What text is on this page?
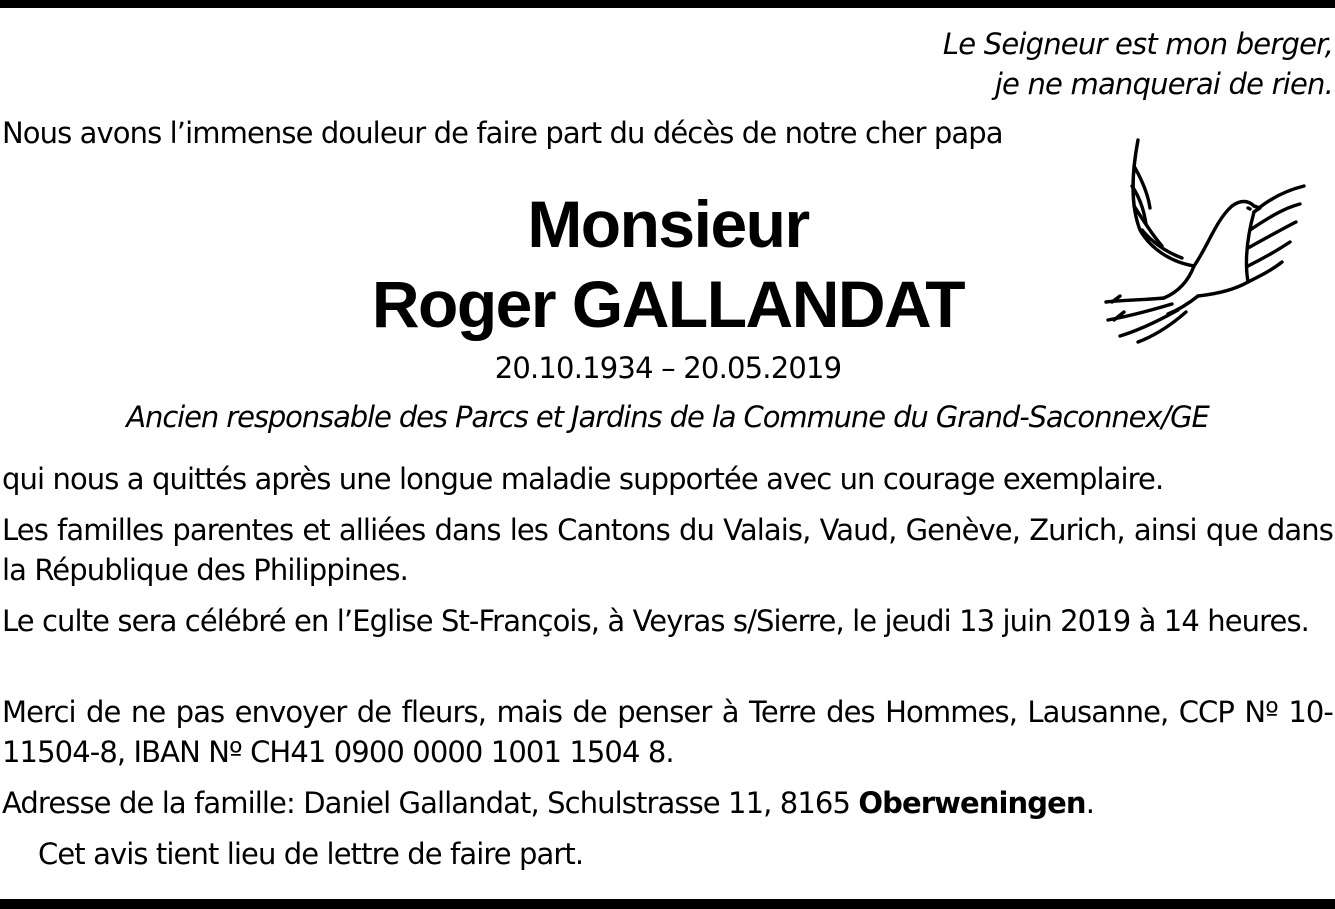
Le Seigneur est mon berger,
je ne manquerai de rien.
Nous avons l’immense douleur de faire part du décès de notre cher papa
Monsieur
Roger GALLANDAT
20.10.1934 – 20.05.2019
Ancien responsable des Parcs et Jardins de la Commune du Grand-Saconnex/GE
qui nous a quittés après une longue maladie supportée avec un courage exemplaire.
Les familles parentes et alliées dans les Cantons du Valais, Vaud, Genève, Zurich, ainsi que dans la République des Philippines.
Le culte sera célébré en l’Eglise St-François, à Veyras s/Sierre, le jeudi 13 juin 2019 à 14 heures.
Merci de ne pas envoyer de fleurs, mais de penser à Terre des Hommes, Lausanne, CCP Nº 10-11504-8, IBAN Nº CH41 0900 0000 1001 1504 8.
Adresse de la famille: Daniel Gallandat, Schulstrasse 11, 8165 Oberweningen.
Cet avis tient lieu de lettre de faire part.
